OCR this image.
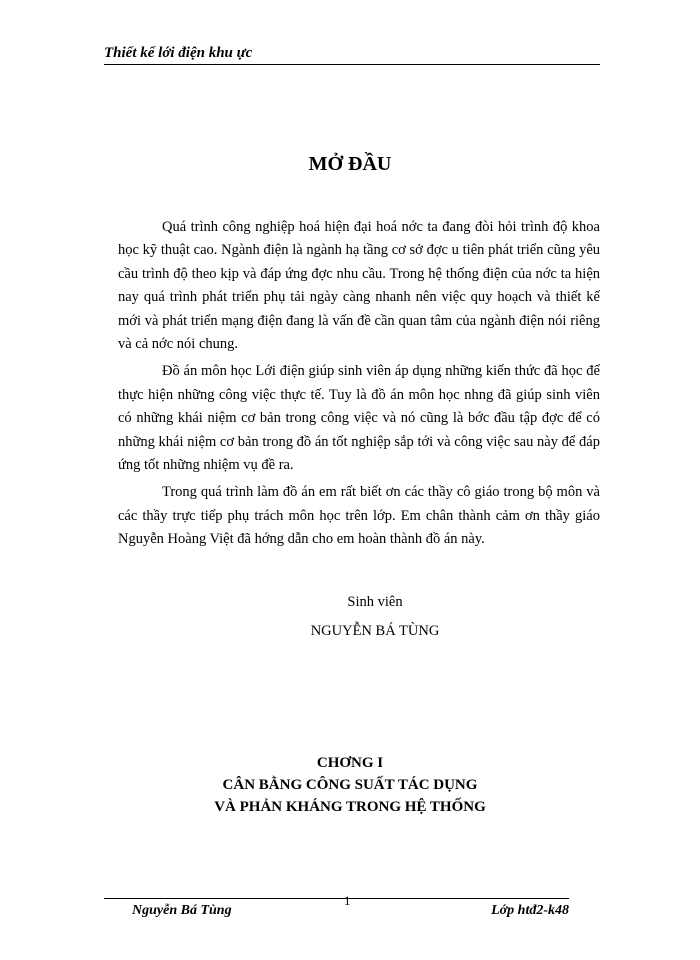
Thiết kế lới điện khu ực
MỞ ĐẦU

Quá trình công nghiệp hoá hiện đại hoá nớc ta đang đòi hỏi trình độ khoa học kỹ thuật cao. Ngành điện là ngành hạ tầng cơ sở đợc u tiên phát triển cũng yêu cầu trình độ theo kịp và đáp ứng đợc nhu cầu. Trong hệ thống điện của nớc ta hiện nay quá trình phát triển phụ tải ngày càng nhanh nên việc quy hoạch và thiết kế mới và phát triển mạng điện đang là vấn đề cần quan tâm của ngành điện nói riêng và cả nớc nói chung.

Đồ án môn học Lới điện giúp sinh viên áp dụng những kiến thức đã học để thực hiện những công việc thực tế. Tuy là đồ án môn học nhng đã giúp sinh viên có những khái niệm cơ bản trong công việc và nó cũng là bớc đầu tập đợc để có những khái niệm cơ bản trong đồ án tốt nghiệp sắp tới và công việc sau này để đáp ứng tốt những nhiệm vụ đề ra.

Trong quá trình làm đồ án em rất biết ơn các thầy cô giáo trong bộ môn và các thầy trực tiếp phụ trách môn học trên lớp. Em chân thành cảm ơn thầy giáo Nguyễn Hoàng Việt đã hớng dẫn cho em hoàn thành đồ án này.

Sinh viên
NGUYỄN BÁ TÙNG
CHƠNG I
CÂN BẰNG CÔNG SUẤT TÁC DỤNG
VÀ PHẢN KHÁNG TRONG HỆ THỐNG
Nguyễn Bá Tùng
1
Lớp htđ2-k48
